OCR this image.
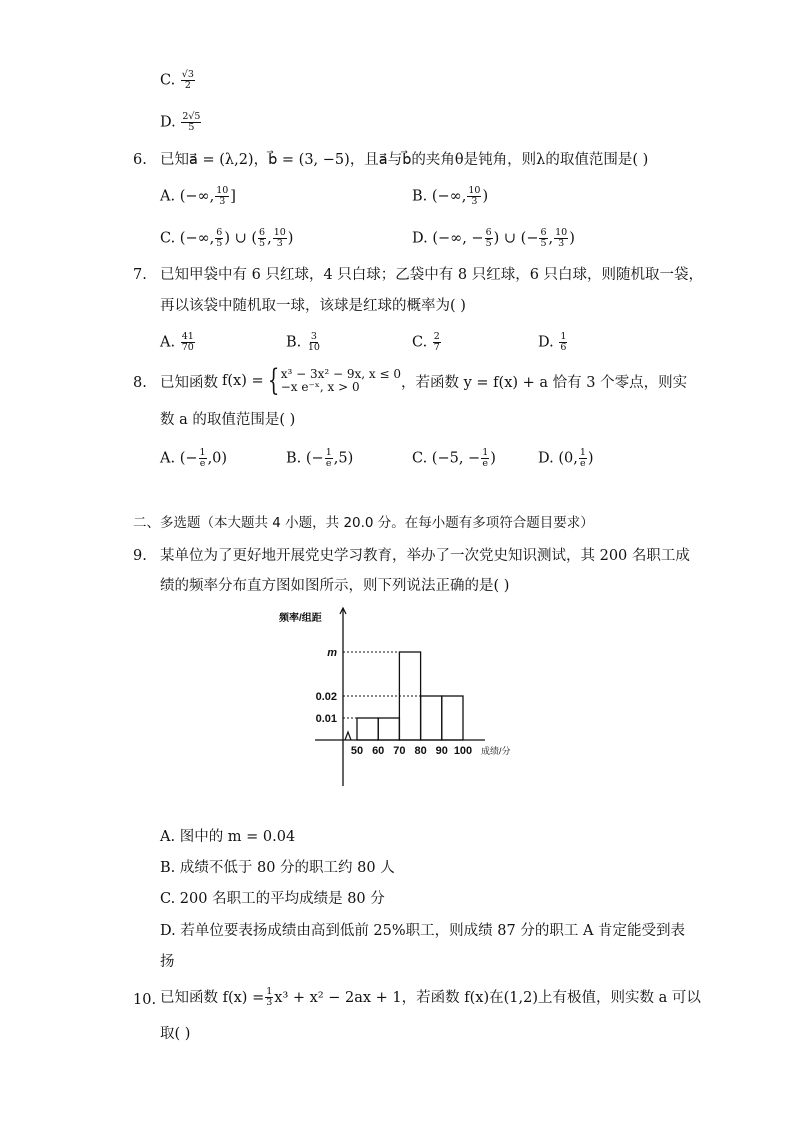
C. $\frac{√3}{2}$
D. $\frac{2√5}{5}$
6. 已知a⃗ = (λ,2)，b⃗ = (3, −5)，且a⃗与b⃗的夹角θ是钝角，则λ的取值范围是( )
A. (−∞, $\frac{10}{3}$ ]	B. (−∞, $\frac{10}{3}$ )
C. (−∞, $\frac{6}{5}$ ) ∪ ( $\frac{6}{5}$ , $\frac{10}{3}$ )	D. (−∞, − $\frac{6}{5}$ ) ∪ (− $\frac{6}{5}$ , $\frac{10}{3}$ )
7. 已知甲袋中有 6 只红球，4 只白球；乙袋中有 8 只红球，6 只白球，则随机取一袋，
再以该袋中随机取一球，该球是红球的概率为( )
A. $\frac{41}{70}$	B. $\frac{3}{10}$	C. $\frac{2}{7}$	D. $\frac{1}{6}$
8. 已知函数 f(x) = { x³ − 3x² − 9x, x ≤ 0
−x e⁻ˣ, x > 0	，若函数 y = f(x) + a 恰有 3 个零点，则实
数 a 的取值范围是( )
A. (− $\frac{1}{e} ,0$)	B. (− $\frac{1}{e} ,5$)	C. (−5, − $\frac{1}{e}$ )	D. (0, $\frac{1}{e}$ )
二、多选题（本大题共 4 小题，共 20.0 分。在每小题有多项符合题目要求）
9. 某单位为了更好地开展党史学习教育，举办了一次党史知识测试，其 200 名职工成
绩的频率分布直方图如图所示，则下列说法正确的是( )
频率/组距
成绩/分
0.01
0.02
m
50 60 70 80 90 100
A. 图中的 m = 0.04
B. 成绩不低于 80 分的职工约 80 人
C. 200 名职工的平均成绩是 80 分
D. 若单位要表扬成绩由高到低前 25%职工，则成绩 87 分的职工 A 肯定能受到表
扬
10. 已知函数 $f(x) = \frac{1}{3} x^3 + x^2 - 2ax + 1$，若函数 f(x)在(1,2)上有极值，则实数 a 可以
取( )
